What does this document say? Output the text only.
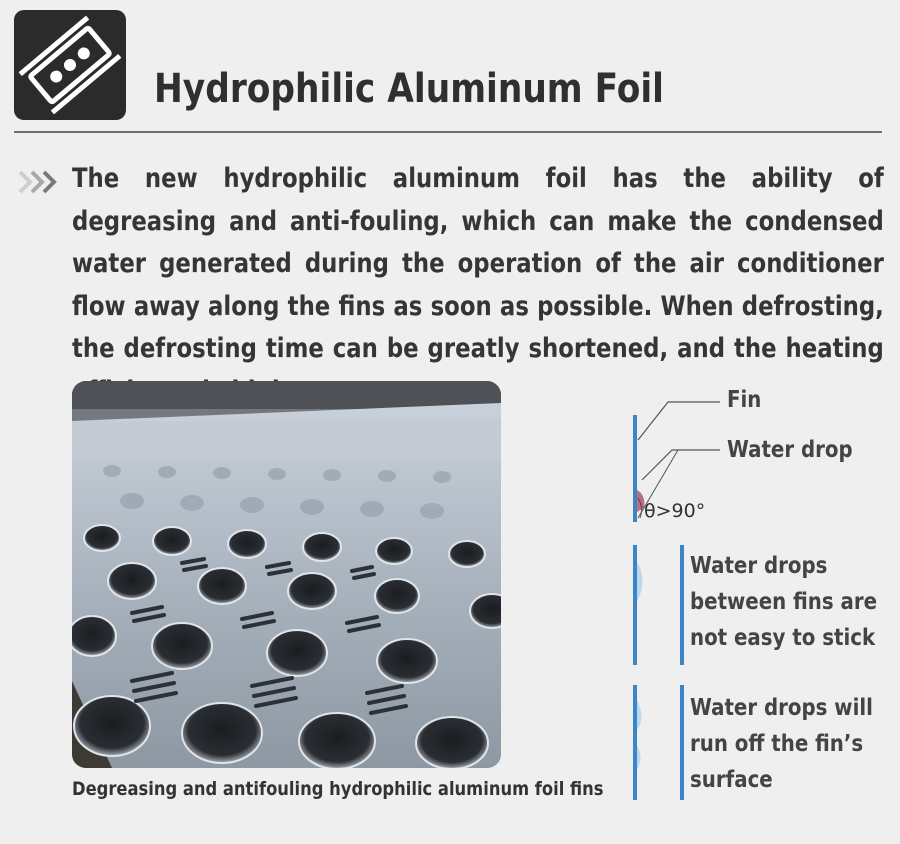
Hydrophilic Aluminum Foil
The new hydrophilic aluminum foil has the ability of degreasing and anti-fouling, which can make the condensed water generated during the operation of the air conditioner flow away along the fins as soon as possible. When defrosting, the defrosting time can be greatly shortened, and the heating
Degreasing and antifouling hydrophilic aluminum foil fins
Fin
Water drop
θ>90°
Water drops between fins are not easy to stick
Water drops will run off the fin’s surface
